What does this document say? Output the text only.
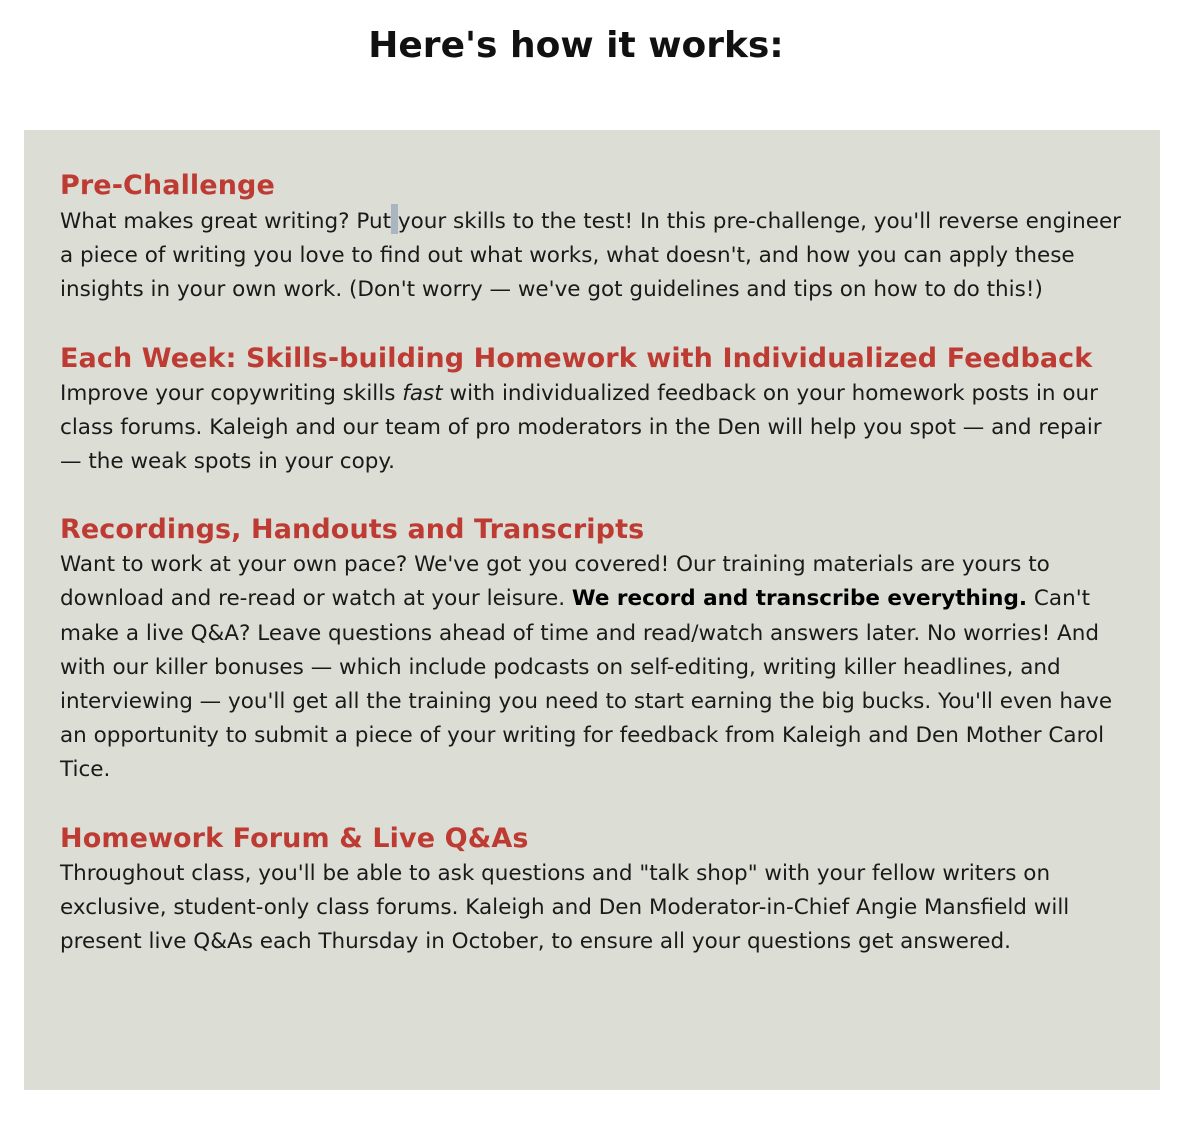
Here's how it works:
Pre-Challenge

What makes great writing? Put your skills to the test! In this pre-challenge, you'll reverse engineer a piece of writing you love to find out what works, what doesn't, and how you can apply these insights in your own work. (Don't worry — we've got guidelines and tips on how to do this!)

Each Week: Skills-building Homework with Individualized Feedback

Improve your copywriting skills fast with individualized feedback on your homework posts in our class forums. Kaleigh and our team of pro moderators in the Den will help you spot — and repair — the weak spots in your copy.

Recordings, Handouts and Transcripts

Want to work at your own pace? We've got you covered! Our training materials are yours to download and re-read or watch at your leisure. We record and transcribe everything. Can't make a live Q&A? Leave questions ahead of time and read/watch answers later. No worries! And with our killer bonuses — which include podcasts on self-editing, writing killer headlines, and interviewing — you'll get all the training you need to start earning the big bucks. You'll even have an opportunity to submit a piece of your writing for feedback from Kaleigh and Den Mother Carol Tice.

Homework Forum & Live Q&As

Throughout class, you'll be able to ask questions and "talk shop" with your fellow writers on exclusive, student-only class forums. Kaleigh and Den Moderator-in-Chief Angie Mansfield will present live Q&As each Thursday in October, to ensure all your questions get answered.
